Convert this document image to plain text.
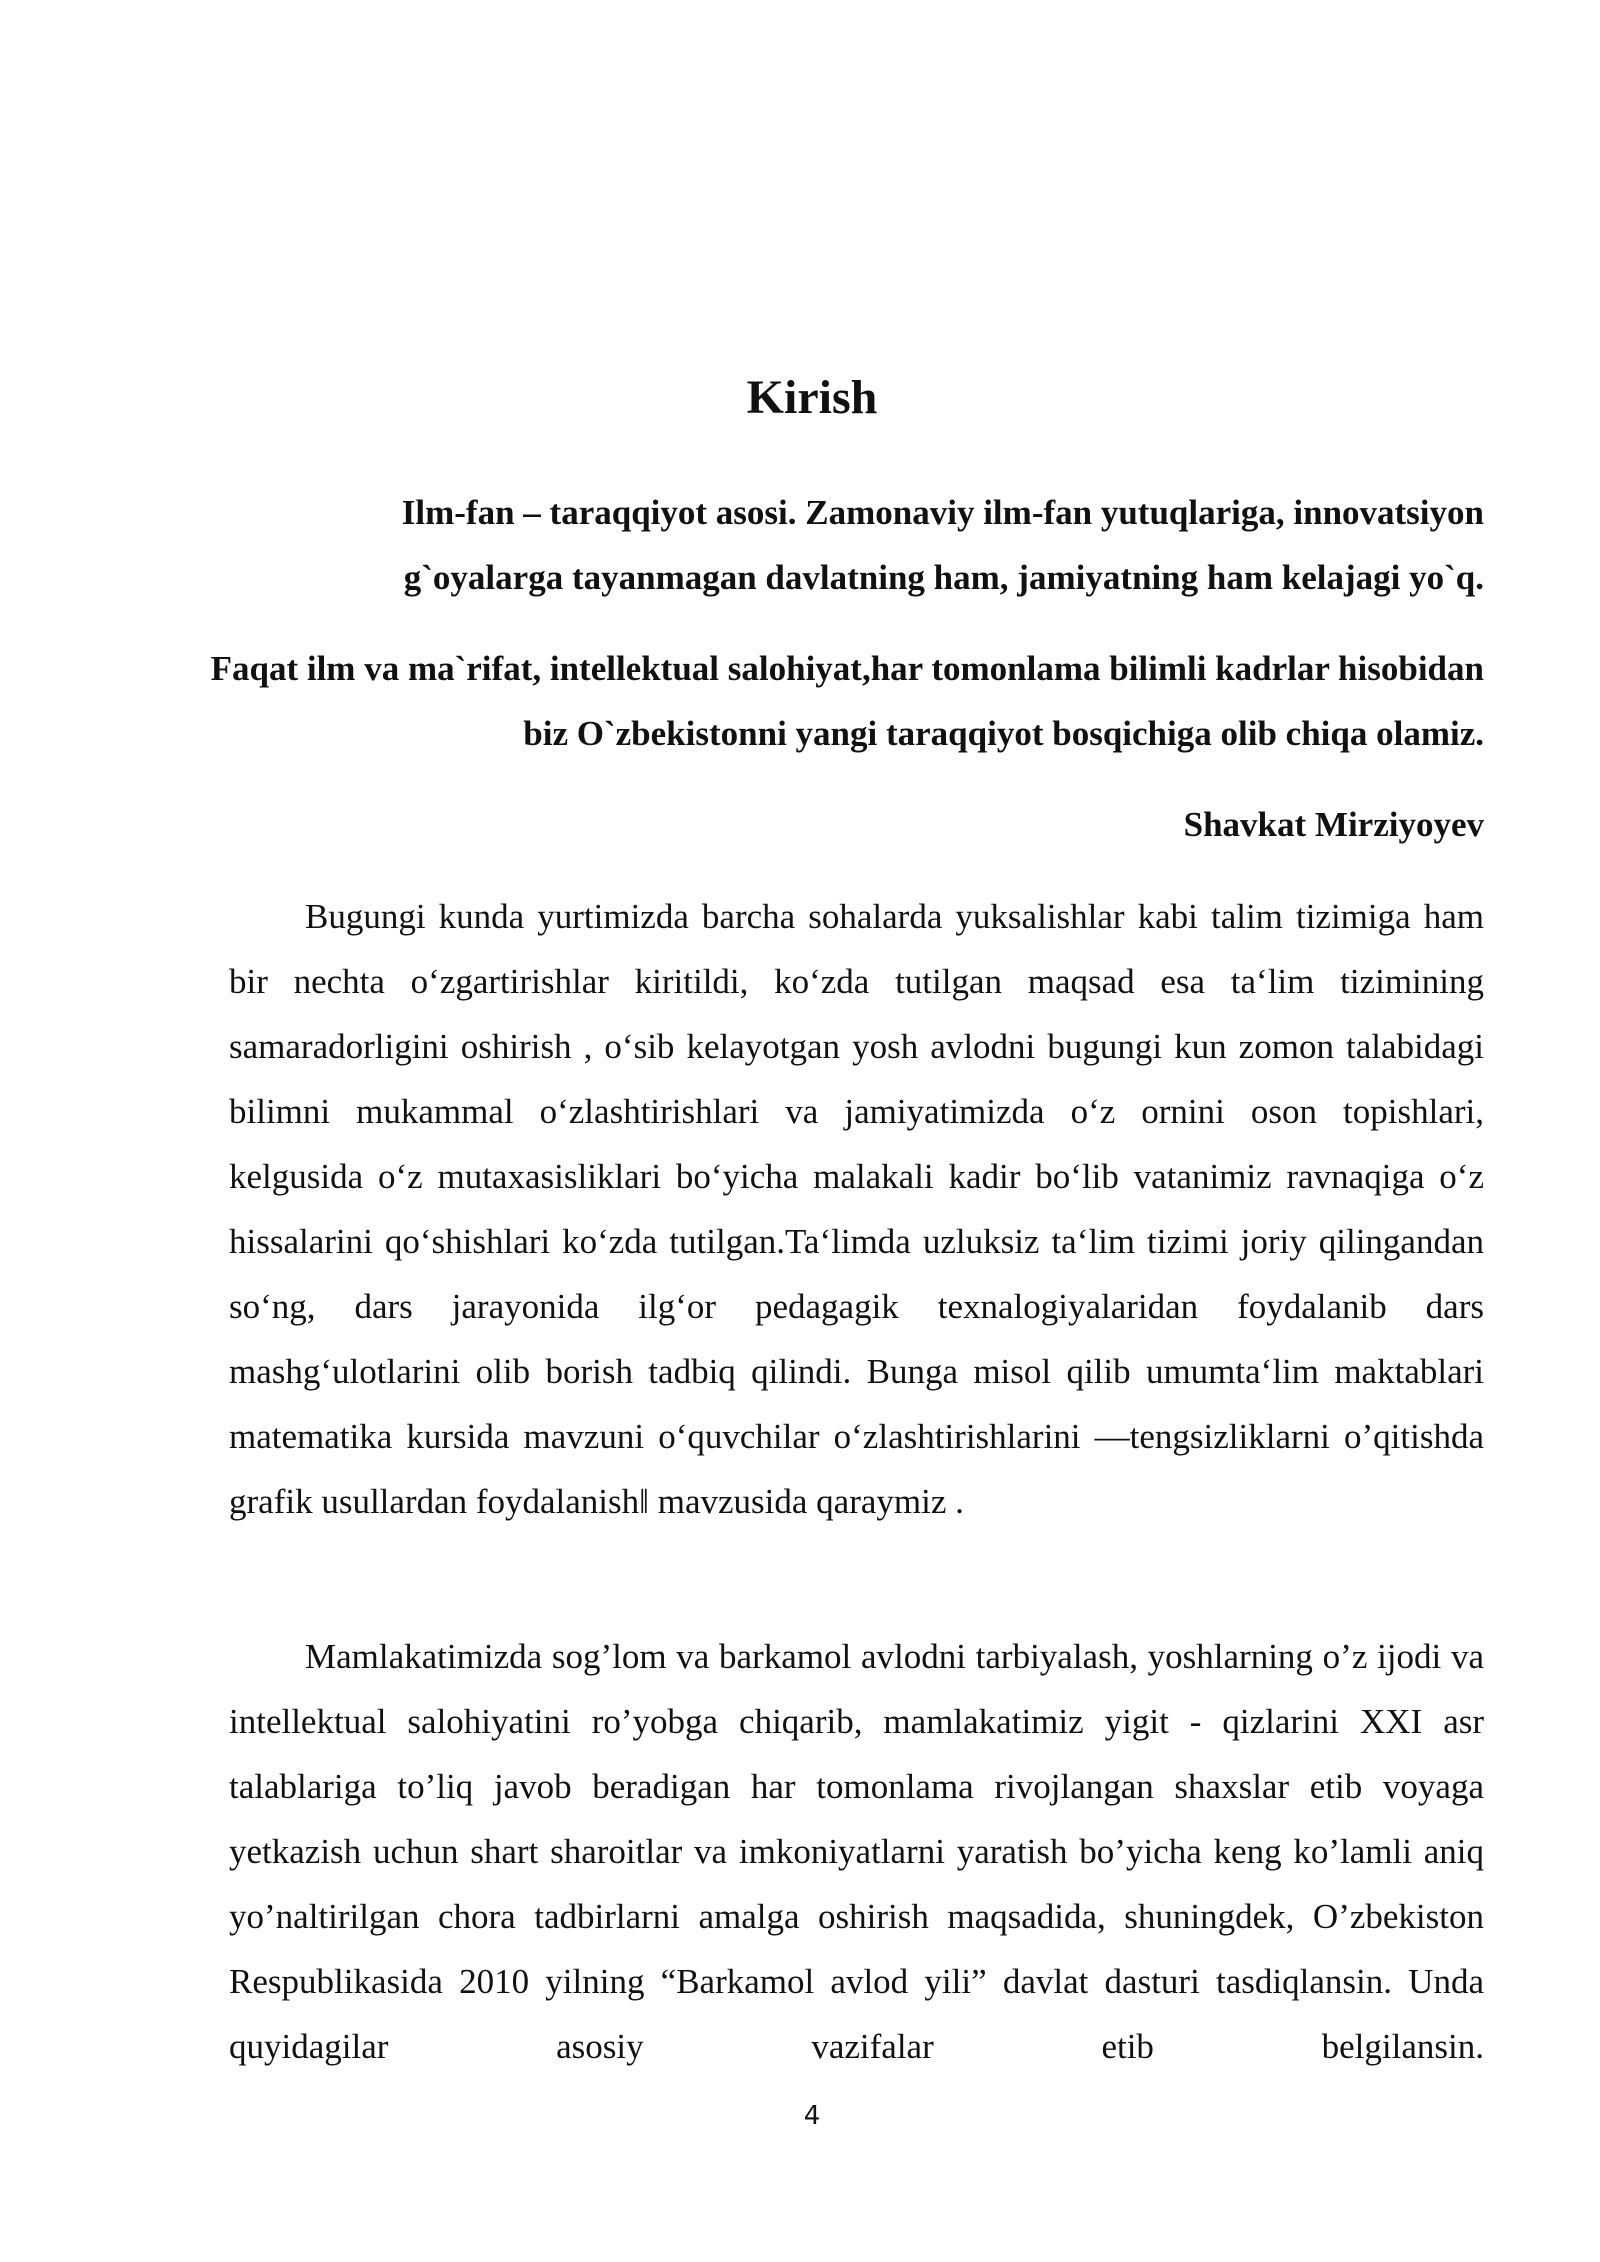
Kirish
Ilm-fan – taraqqiyot asosi. Zamonaviy ilm-fan yutuqlariga, innovatsiyon g`oyalarga tayanmagan davlatning ham, jamiyatning ham kelajagi yo`q.
Faqat ilm va ma`rifat, intellektual salohiyat,har tomonlama bilimli kadrlar hisobidan biz O`zbekistonni yangi taraqqiyot bosqichiga olib chiqa olamiz.
Shavkat Mirziyoyev

Bugungi kunda yurtimizda barcha sohalarda yuksalishlar kabi talim tizimiga ham bir nechta o‘zgartirishlar kiritildi, ko‘zda tutilgan maqsad esa ta‘lim tizimining samaradorligini oshirish , o‘sib kelayotgan yosh avlodni bugungi kun zomon talabidagi bilimni mukammal o‘zlashtirishlari va jamiyatimizda o‘z ornini oson topishlari, kelgusida o‘z mutaxasisliklari bo‘yicha malakali kadir bo‘lib vatanimiz ravnaqiga o‘z hissalarini qo‘shishlari ko‘zda tutilgan.Ta‘limda uzluksiz ta‘lim tizimi joriy qilingandan so‘ng, dars jarayonida ilg‘or pedagagik texnalogiyalaridan foydalanib dars mashg‘ulotlarini olib borish tadbiq qilindi. Bunga misol qilib umumta‘lim maktablari matematika kursida mavzuni o‘quvchilar o‘zlashtirishlarini ―tengsizliklarni o’qitishda grafik usullardan foydalanish‖ mavzusida qaraymiz .

Mamlakatimizda sog’lom va barkamol avlodni tarbiyalash, yoshlarning o’z ijodi va intellektual salohiyatini ro’yobga chiqarib, mamlakatimiz yigit - qizlarini XXI asr talablariga to’liq javob beradigan har tomonlama rivojlangan shaxslar etib voyaga yetkazish uchun shart sharoitlar va imkoniyatlarni yaratish bo’yicha keng ko’lamli aniq yo’naltirilgan chora tadbirlarni amalga oshirish maqsadida, shuningdek, O’zbekiston Respublikasida 2010 yilning “Barkamol avlod yili” davlat dasturi tasdiqlansin. Unda quyidagilar asosiy vazifalar etib belgilansin.

4
